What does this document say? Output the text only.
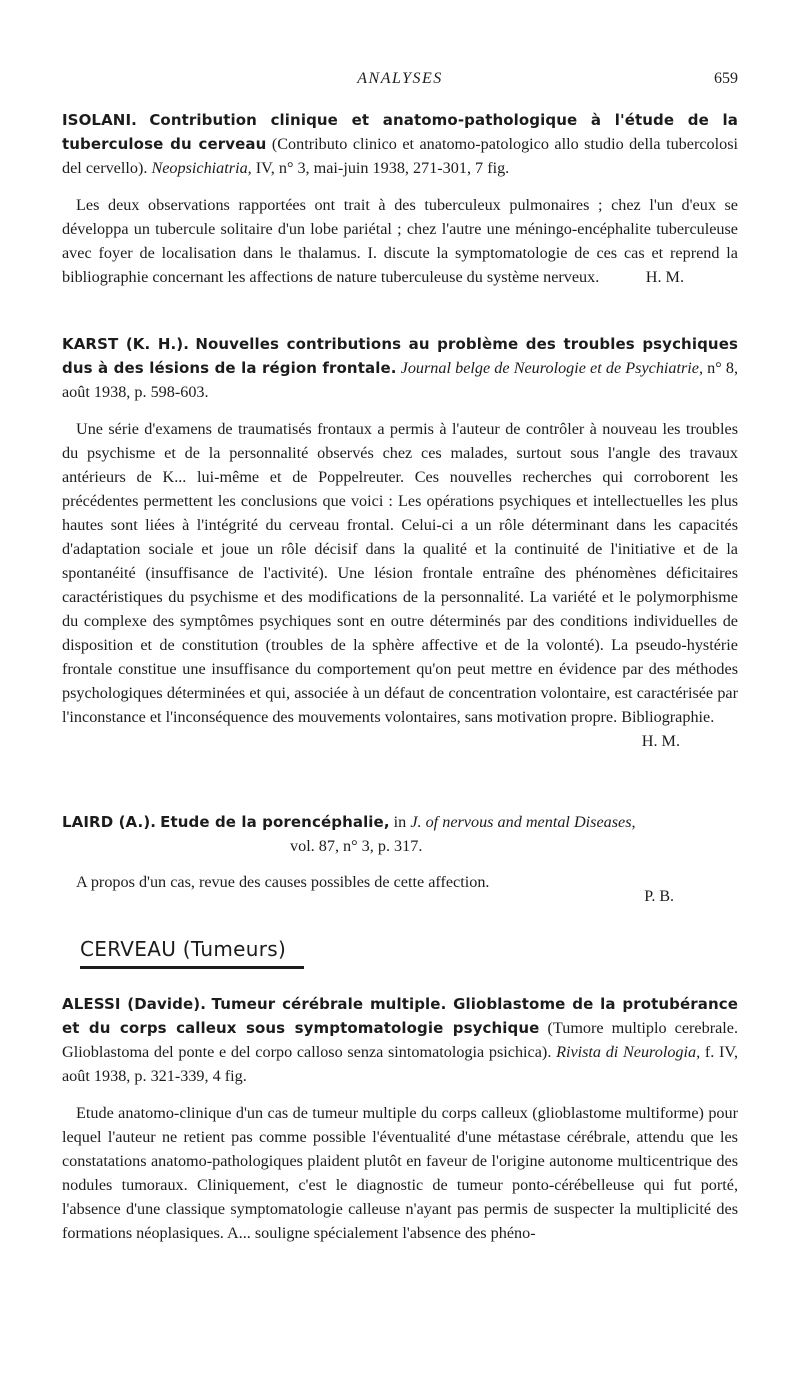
ANALYSES	659
ISOLANI. Contribution clinique et anatomo-pathologique à l'étude de la tuberculose du cerveau (Contributo clinico et anatomo-patologico allo studio della tubercolosi del cervello). Neopsichiatria, IV, n° 3, mai-juin 1938, 271-301, 7 fig.
Les deux observations rapportées ont trait à des tuberculeux pulmonaires ; chez l'un d'eux se développa un tubercule solitaire d'un lobe pariétal ; chez l'autre une méningo-encéphalite tuberculeuse avec foyer de localisation dans le thalamus. I. discute la symptomatologie de ces cas et reprend la bibliographie concernant les affections de nature tuberculeuse du système nerveux.	H. M.
KARST (K. H.). Nouvelles contributions au problème des troubles psychiques dus à des lésions de la région frontale. Journal belge de Neurologie et de Psychiatrie, n° 8, août 1938, p. 598-603.
Une série d'examens de traumatisés frontaux a permis à l'auteur de contrôler à nouveau les troubles du psychisme et de la personnalité observés chez ces malades, surtout sous l'angle des travaux antérieurs de K... lui-même et de Poppelreuter. Ces nouvelles recherches qui corroborent les précédentes permettent les conclusions que voici : Les opérations psychiques et intellectuelles les plus hautes sont liées à l'intégrité du cerveau frontal. Celui-ci a un rôle déterminant dans les capacités d'adaptation sociale et joue un rôle décisif dans la qualité et la continuité de l'initiative et de la spontanéité (insuffisance de l'activité). Une lésion frontale entraîne des phénomènes déficitaires caractéristiques du psychisme et des modifications de la personnalité. La variété et le polymorphisme du complexe des symptômes psychiques sont en outre déterminés par des conditions individuelles de disposition et de constitution (troubles de la sphère affective et de la volonté). La pseudo-hystérie frontale constitue une insuffisance du comportement qu'on peut mettre en évidence par des méthodes psychologiques déterminées et qui, associée à un défaut de concentration volontaire, est caractérisée par l'inconstance et l'inconséquence des mouvements volontaires, sans motivation propre. Bibliographie.
H. M.
LAIRD (A.). Etude de la porencéphalie, in J. of nervous and mental Diseases,
vol. 87, n° 3, p. 317.
A propos d'un cas, revue des causes possibles de cette affection.
P. B.
CERVEAU (Tumeurs)
ALESSI (Davide). Tumeur cérébrale multiple. Glioblastome de la protubérance et du corps calleux sous symptomatologie psychique (Tumore multiplo cerebrale. Glioblastoma del ponte e del corpo calloso senza sintomatologia psichica). Rivista di Neurologia, f. IV, août 1938, p. 321-339, 4 fig.
Etude anatomo-clinique d'un cas de tumeur multiple du corps calleux (glioblastome multiforme) pour lequel l'auteur ne retient pas comme possible l'éventualité d'une métastase cérébrale, attendu que les constatations anatomo-pathologiques plaident plutôt en faveur de l'origine autonome multicentrique des nodules tumoraux. Cliniquement, c'est le diagnostic de tumeur ponto-cérébelleuse qui fut porté, l'absence d'une classique symptomatologie calleuse n'ayant pas permis de suspecter la multiplicité des formations néoplasiques. A... souligne spécialement l'absence des phéno-
